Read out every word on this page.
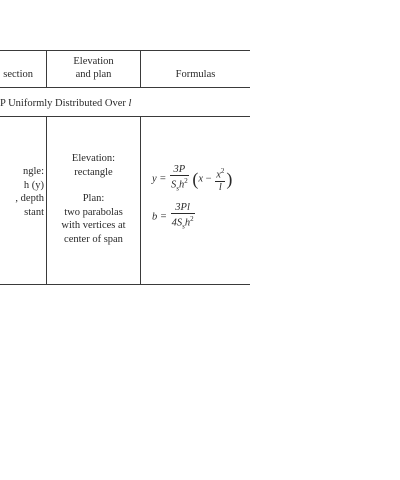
section
Elevation
and plan	Formulas
P Uniformly Distributed Over l
ngle:
h (y)
, depth
stant
Elevation:
rectangle
Plan:
two parabolas
with vertices at
center of span
$y = \frac{3P}{S_sh^2} (x - \frac{x^2}{l}$ )
$b = \frac{3Pl}{4S_sh^2}$
